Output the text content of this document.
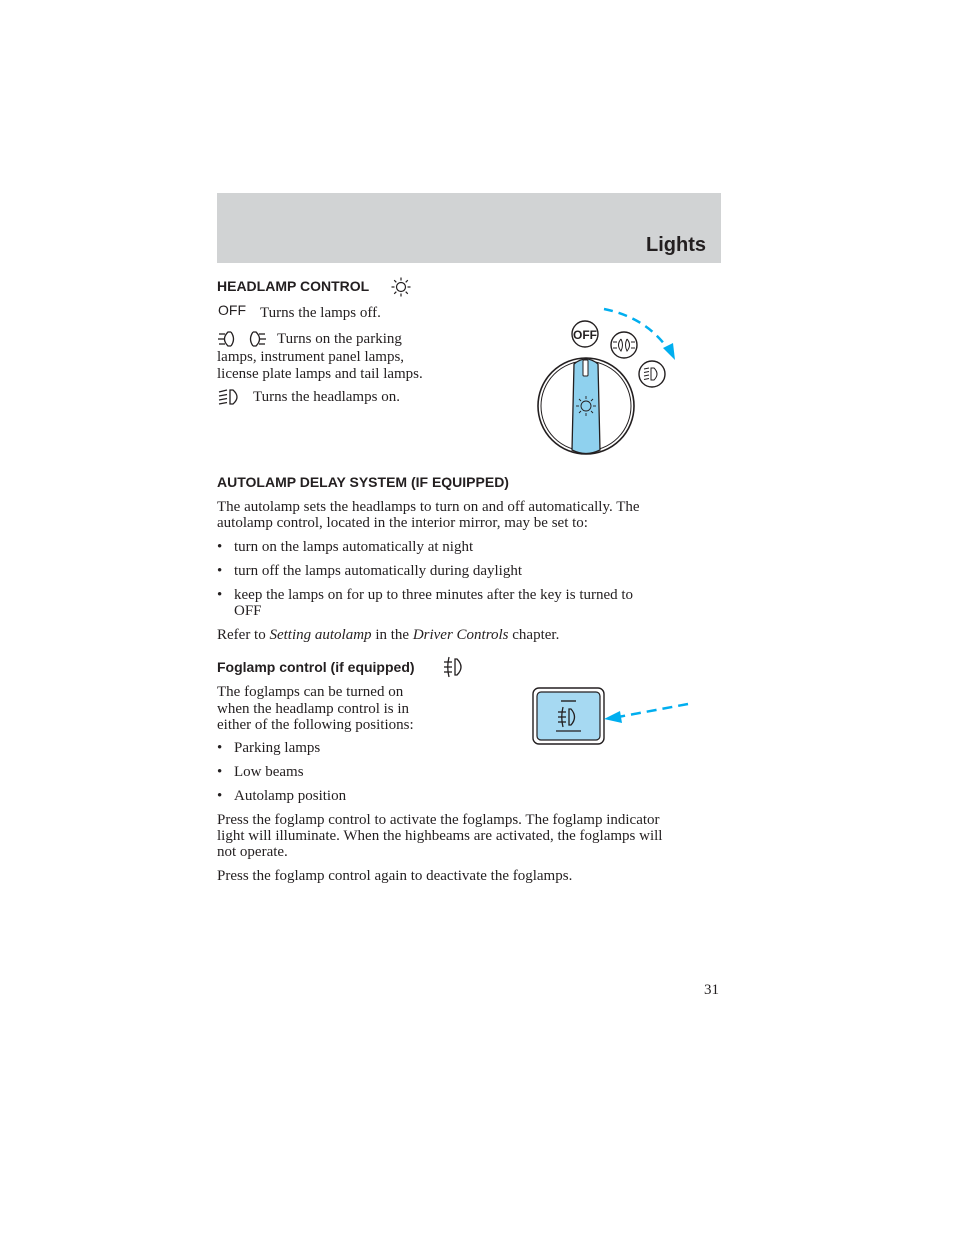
Lights
HEADLAMP CONTROL
OFF Turns the lamps off.
Turns on the parking
lamps, instrument panel lamps,
license plate lamps and tail lamps.
Turns the headlamps on.
OFF
AUTOLAMP DELAY SYSTEM (IF EQUIPPED)
The autolamp sets the headlamps to turn on and off automatically. The
autolamp control, located in the interior mirror, may be set to:
• turn on the lamps automatically at night
• turn off the lamps automatically during daylight
• keep the lamps on for up to three minutes after the key is turned to
OFF
Refer to Setting autolamp in the Driver Controls chapter.
Foglamp control (if equipped)
The foglamps can be turned on
when the headlamp control is in
either of the following positions:
• Parking lamps
• Low beams
• Autolamp position
Press the foglamp control to activate the foglamps. The foglamp indicator
light will illuminate. When the highbeams are activated, the foglamps will
not operate.
Press the foglamp control again to deactivate the foglamps.
31
